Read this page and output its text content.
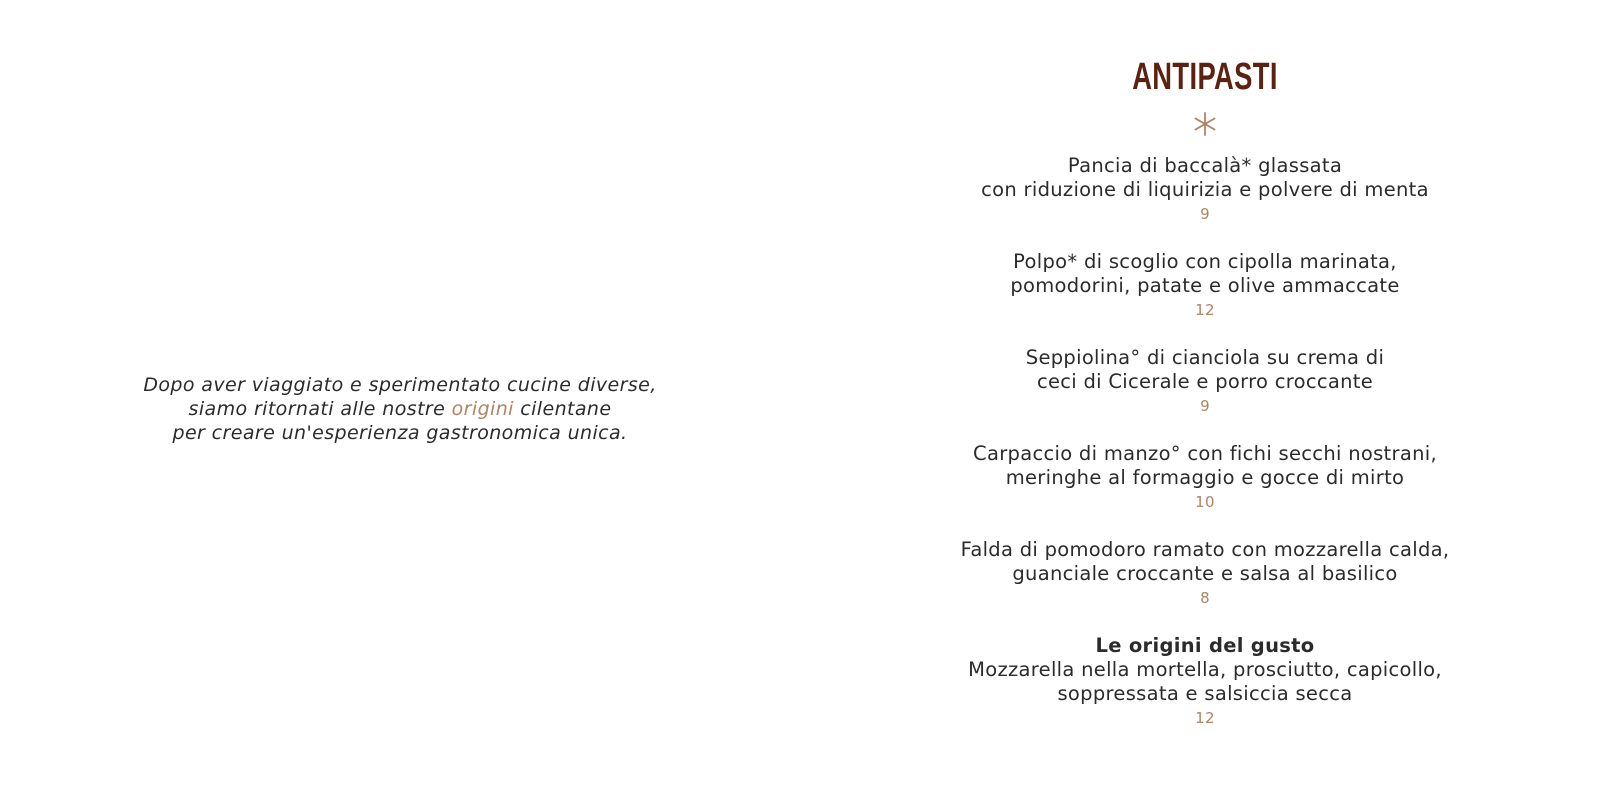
Dopo aver viaggiato e sperimentato cucine diverse,
siamo ritornati alle nostre origini cilentane
per creare un'esperienza gastronomica unica.

ANTIPASTI
Pancia di baccalà* glassata
con riduzione di liquirizia e polvere di menta
9
Polpo* di scoglio con cipolla marinata,
pomodorini, patate e olive ammaccate
12
Seppiolina° di cianciola su crema di
ceci di Cicerale e porro croccante
9
Carpaccio di manzo° con fichi secchi nostrani,
meringhe al formaggio e gocce di mirto
10
Falda di pomodoro ramato con mozzarella calda,
guanciale croccante e salsa al basilico
8
Le origini del gusto
Mozzarella nella mortella, prosciutto, capicollo,
soppressata e salsiccia secca
12
